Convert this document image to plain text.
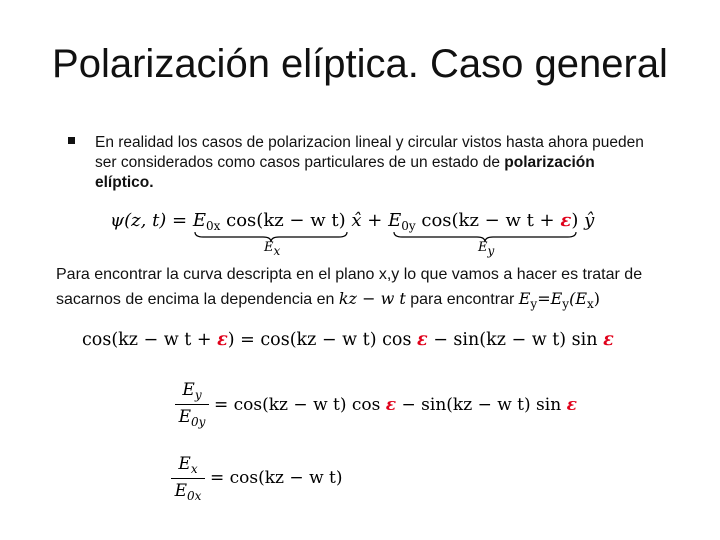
Polarización elíptica. Caso general
En realidad los casos de polarizacion lineal y circular vistos hasta ahora pueden ser considerados como casos particulares de un estado de polarización elíptico.
ψ(z, $t) = E_{0x}$ cos(kz − w t) x̂ + $E_{0y}$ cos(kz − w t + ε) ŷ
Ex	Ey
Para encontrar la curva descripta en el plano x,y lo que vamos a hacer es tratar de sacarnos de encima la dependencia en kz − w t para encontrar $E_y=E_y(E_x)$
cos(kz − w t + ε) = cos(kz − w t) cos ε − sin(kz − w t) sin ε
$E_y$
$E_{0y}$
= cos(kz − w t) cos ε − sin(kz − w t) sin ε
$E_x$
$E_{0x}$
= cos(kz − w t)
